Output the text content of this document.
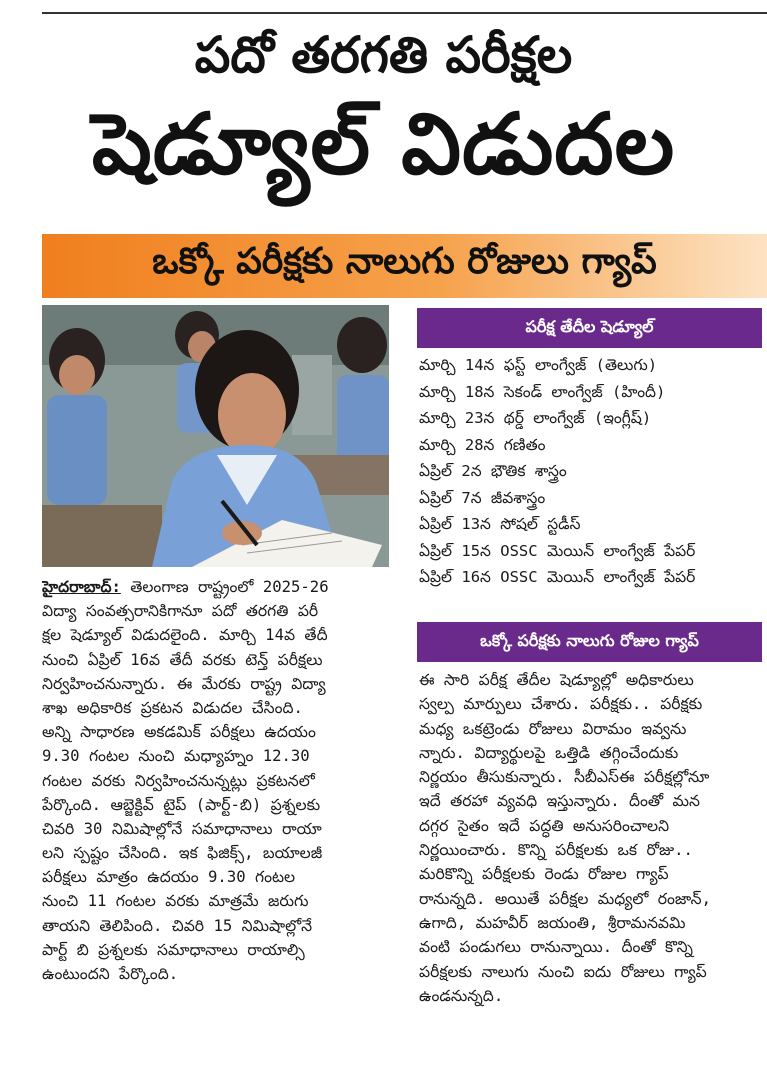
పదో తరగతి పరీక్షల
షెడ్యూల్ విడుదల
ఒక్కో పరీక్షకు నాలుగు రోజులు గ్యాప్
హైదరాబాద్: తెలంగాణ రాష్ట్రంలో 2025-26
విద్యా సంవత్సరానికిగానూ పదో తరగతి పరీ
క్షల షెడ్యూల్ విడుదలైంది. మార్చి 14వ తేదీ
నుంచి ఏప్రిల్ 16వ తేదీ వరకు టెన్త్ పరీక్షలు
నిర్వహించనున్నారు. ఈ మేరకు రాష్ట్ర విద్యా
శాఖ అధికారిక ప్రకటన విడుదల చేసింది.
అన్ని సాధారణ అకడమిక్ పరీక్షలు ఉదయం
9.30 గంటల నుంచి మధ్యాహ్నం 12.30
గంటల వరకు నిర్వహించనున్నట్లు ప్రకటనలో
పేర్కొంది. ఆబ్జెక్టివ్ టైప్ (పార్ట్-బి) ప్రశ్నలకు
చివరి 30 నిమిషాల్లోనే సమాధానాలు రాయా
లని స్పష్టం చేసింది. ఇక ఫిజిక్స్, బయాలజీ
పరీక్షలు మాత్రం ఉదయం 9.30 గంటల
నుంచి 11 గంటల వరకు మాత్రమే జరుగు
తాయని తెలిపింది. చివరి 15 నిమిషాల్లోనే
పార్ట్ బి ప్రశ్నలకు సమాధానాలు రాయాల్సి
ఉంటుందని పేర్కొంది.
పరీక్ష తేదీల షెడ్యూల్
మార్చి 14న ఫస్ట్ లాంగ్వేజ్ (తెలుగు)
మార్చి 18న సెకండ్ లాంగ్వేజ్ (హిందీ)
మార్చి 23న థర్డ్ లాంగ్వేజ్ (ఇంగ్లీష్)
మార్చి 28న గణితం
ఏప్రిల్ 2న భౌతిక శాస్త్రం
ఏప్రిల్ 7న జీవశాస్త్రం
ఏప్రిల్ 13న సోషల్ స్టడీస్
ఏప్రిల్ 15న OSSC మెయిన్ లాంగ్వేజ్ పేపర్
ఏప్రిల్ 16న OSSC మెయిన్ లాంగ్వేజ్ పేపర్
ఒక్కో పరీక్షకు నాలుగు రోజుల గ్యాప్
ఈ సారి పరీక్ష తేదీల షెడ్యూల్లో అధికారులు
స్వల్ప మార్పులు చేశారు. పరీక్షకు.. పరీక్షకు
మధ్య ఒకట్రెండు రోజులు విరామం ఇవ్వను
న్నారు. విద్యార్థులపై ఒత్తిడి తగ్గించేందుకు
నిర్ణయం తీసుకున్నారు. సీబీఎస్ఈ పరీక్షల్లోనూ
ఇదే తరహా వ్యవధి ఇస్తున్నారు. దీంతో మన
దగ్గర సైతం ఇదే పద్ధతి అనుసరించాలని
నిర్ణయించారు. కొన్ని పరీక్షలకు ఒక రోజు..
మరికొన్ని పరీక్షలకు రెండు రోజుల గ్యాప్
రానున్నది. అయితే పరీక్షల మధ్యలో రంజాన్,
ఉగాది, మహవీర్ జయంతి, శ్రీరామనవమి
వంటి పండుగలు రానున్నాయి. దీంతో కొన్ని
పరీక్షలకు నాలుగు నుంచి ఐదు రోజులు గ్యాప్
ఉండనున్నది.
